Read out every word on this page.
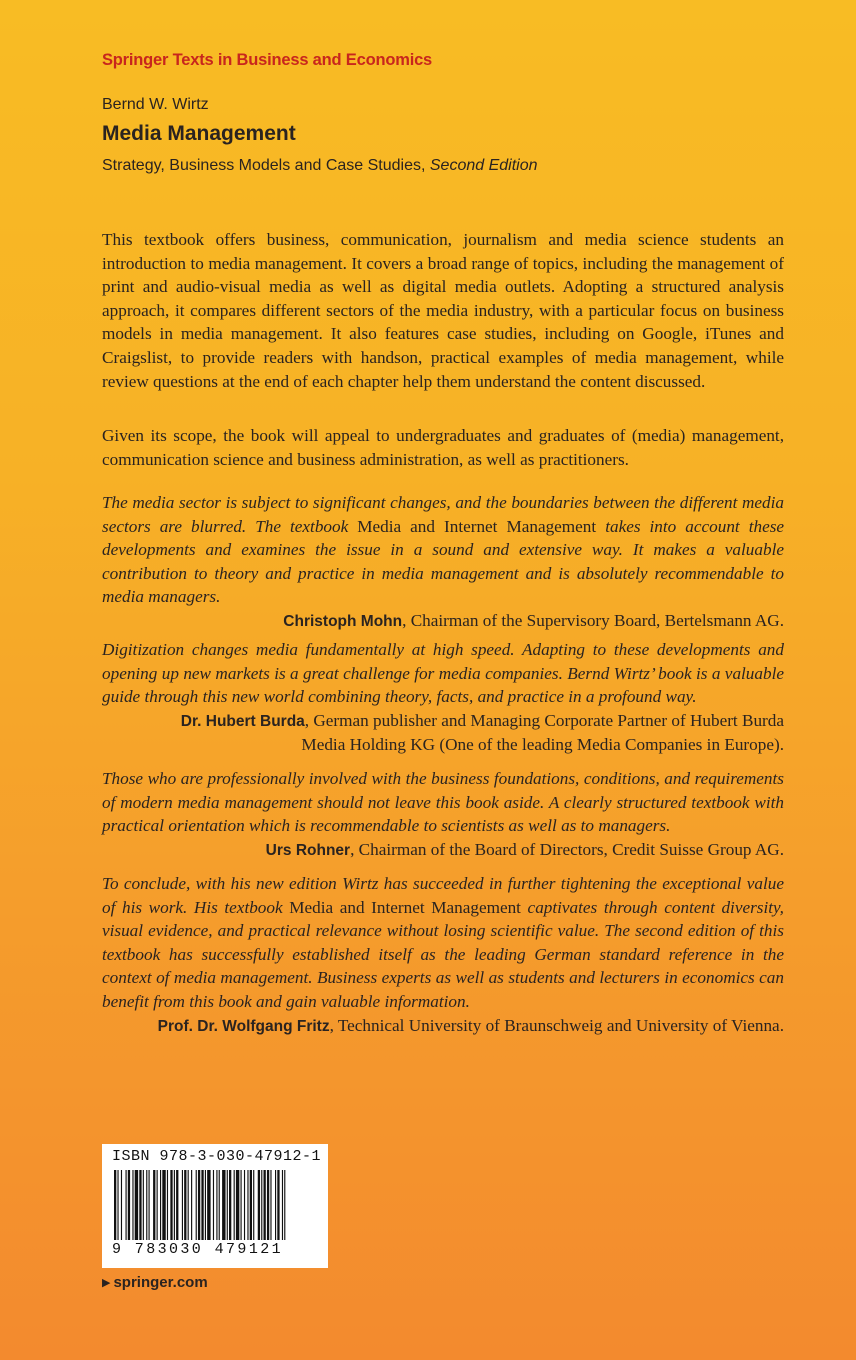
Springer Texts in Business and Economics
Bernd W. Wirtz
Media Management
Strategy, Business Models and Case Studies, Second Edition

This textbook offers business, communication, journalism and media science students an introduction to media management. It covers a broad range of topics, including the management of print and audio-visual media as well as digital media outlets. Adopting a structured analysis approach, it compares different sectors of the media industry, with a particular focus on business models in media management. It also features case studies, including on Google, iTunes and Craigslist, to provide readers with handson, practical examples of media management, while review questions at the end of each chapter help them understand the content discussed.

Given its scope, the book will appeal to undergraduates and graduates of (media) management, communication science and business administration, as well as practitioners.

The media sector is subject to significant changes, and the boundaries between the different media sectors are blurred. The textbook Media and Internet Management takes into account these developments and examines the issue in a sound and extensive way. It makes a valuable contribution to theory and practice in media management and is absolutely recommendable to media managers.

Christoph Mohn, Chairman of the Supervisory Board, Bertelsmann AG.

Digitization changes media fundamentally at high speed. Adapting to these developments and opening up new markets is a great challenge for media companies. Bernd Wirtz’ book is a valuable guide through this new world combining theory, facts, and practice in a profound way.

Dr. Hubert Burda, German publisher and Managing Corporate Partner of Hubert Burda
Media Holding KG (One of the leading Media Companies in Europe).

Those who are professionally involved with the business foundations, conditions, and requirements of modern media management should not leave this book aside. A clearly structured textbook with practical orientation which is recommendable to scientists as well as to managers.

Urs Rohner, Chairman of the Board of Directors, Credit Suisse Group AG.

To conclude, with his new edition Wirtz has succeeded in further tightening the exceptional value of his work. His textbook Media and Internet Management captivates through content diversity, visual evidence, and practical relevance without losing scientific value. The second edition of this textbook has successfully established itself as the leading German standard reference in the context of media management. Business experts as well as students and lecturers in economics can benefit from this book and gain valuable information.

Prof. Dr. Wolfgang Fritz, Technical University of Braunschweig and University of Vienna.

ISBN 978-3-030-47912-1
9 783030 479121
▶ springer.com
